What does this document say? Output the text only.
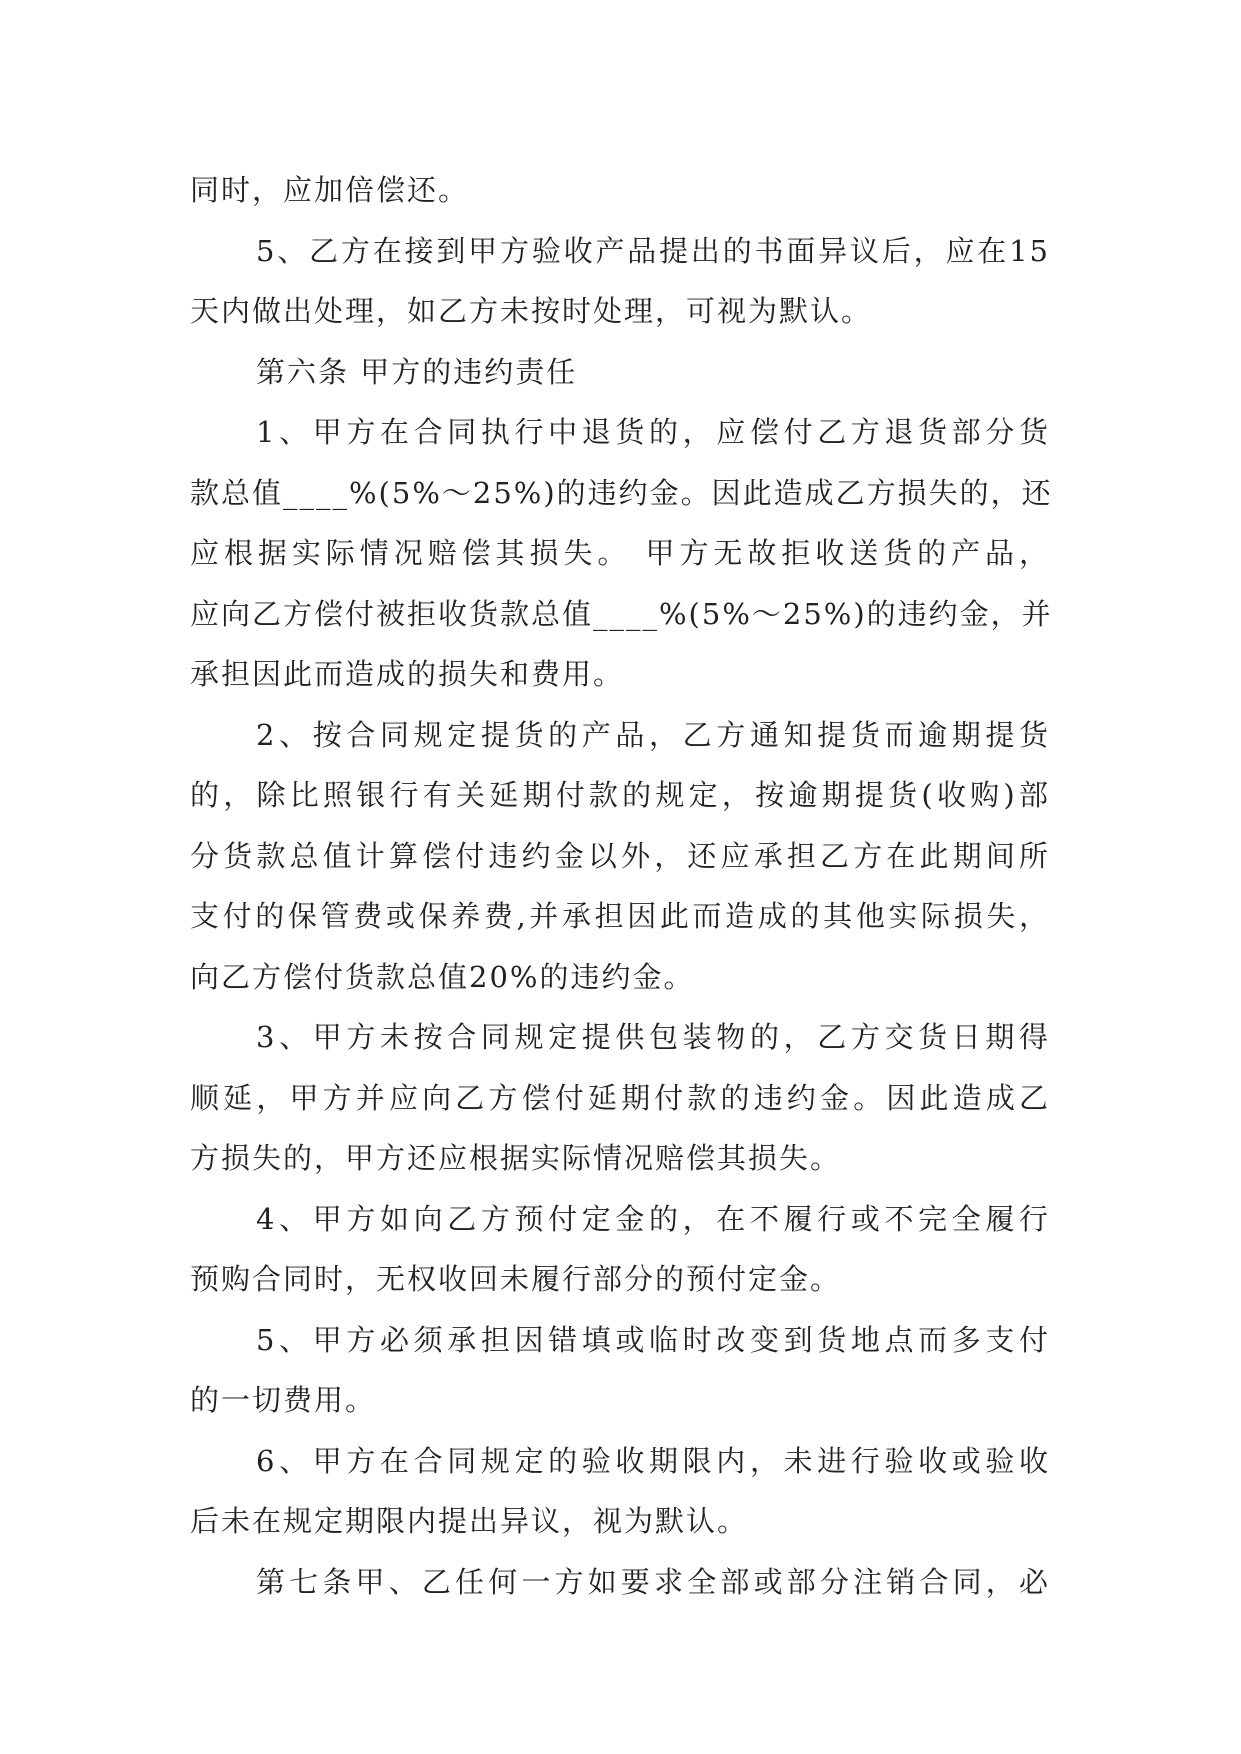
同时，应加倍偿还。
5、乙方在接到甲方验收产品提出的书面异议后，应在15
天内做出处理，如乙方未按时处理，可视为默认。
第六条 甲方的违约责任
1、甲方在合同执行中退货的，应偿付乙方退货部分货
款总值____%(5%～25%)的违约金。因此造成乙方损失的，还
应根据实际情况赔偿其损失。 甲方无故拒收送货的产品，
应向乙方偿付被拒收货款总值____%(5%～25%)的违约金，并
承担因此而造成的损失和费用。
2、按合同规定提货的产品，乙方通知提货而逾期提货
的，除比照银行有关延期付款的规定，按逾期提货(收购)部
分货款总值计算偿付违约金以外，还应承担乙方在此期间所
支付的保管费或保养费,并承担因此而造成的其他实际损失，
向乙方偿付货款总值20%的违约金。
3、甲方未按合同规定提供包装物的，乙方交货日期得
顺延，甲方并应向乙方偿付延期付款的违约金。因此造成乙
方损失的，甲方还应根据实际情况赔偿其损失。
4、甲方如向乙方预付定金的，在不履行或不完全履行
预购合同时，无权收回未履行部分的预付定金。
5、甲方必须承担因错填或临时改变到货地点而多支付
的一切费用。
6、甲方在合同规定的验收期限内，未进行验收或验收
后未在规定期限内提出异议，视为默认。
第七条甲、乙任何一方如要求全部或部分注销合同，必
